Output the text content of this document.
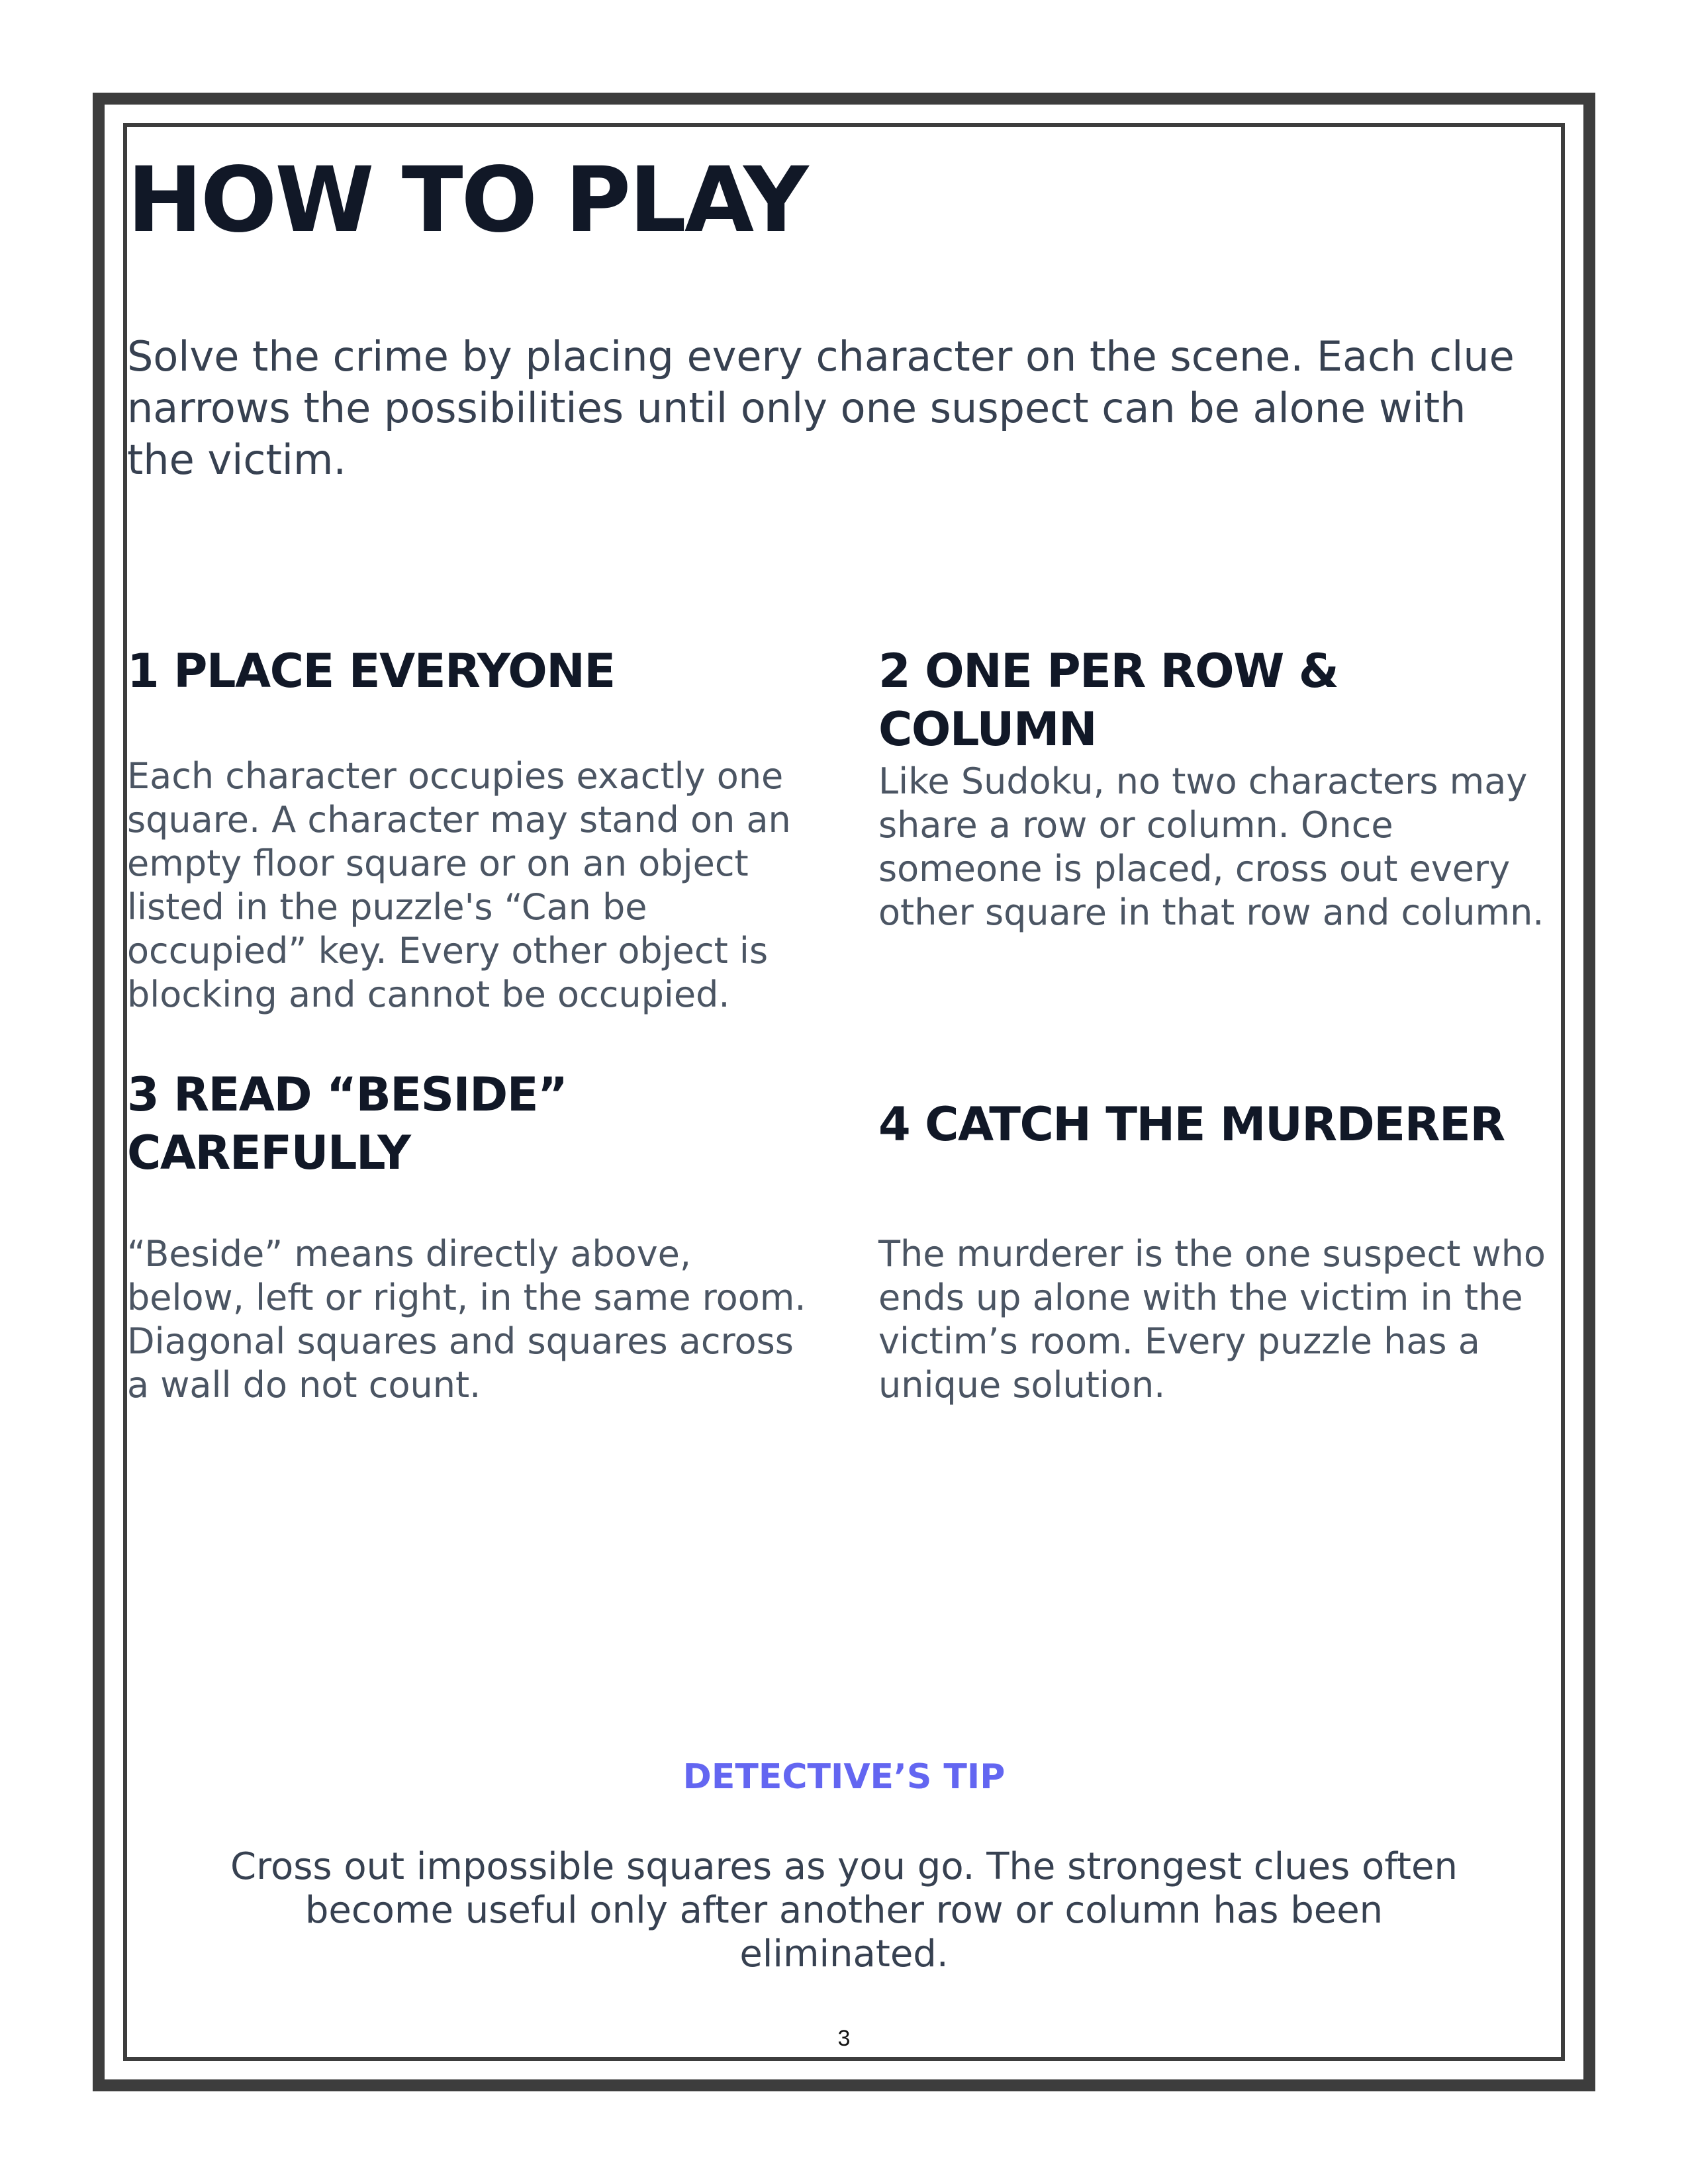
HOW TO PLAY

Solve the crime by placing every character on the scene. Each clue narrows the possibilities until only one suspect can be alone with the victim.

1 PLACE EVERYONE

Each character occupies exactly one square. A character may stand on an empty floor square or on an object listed in the puzzle's “Can be occupied” key. Every other object is blocking and cannot be occupied.

2 ONE PER ROW & COLUMN

Like Sudoku, no two characters may share a row or column. Once someone is placed, cross out every other square in that row and column.

3 READ “BESIDE” CAREFULLY

“Beside” means directly above, below, left or right, in the same room. Diagonal squares and squares across a wall do not count.

4 CATCH THE MURDERER

The murderer is the one suspect who ends up alone with the victim in the victim’s room. Every puzzle has a unique solution.

DETECTIVE’S TIP

Cross out impossible squares as you go. The strongest clues often become useful only after another row or column has been eliminated.

3
